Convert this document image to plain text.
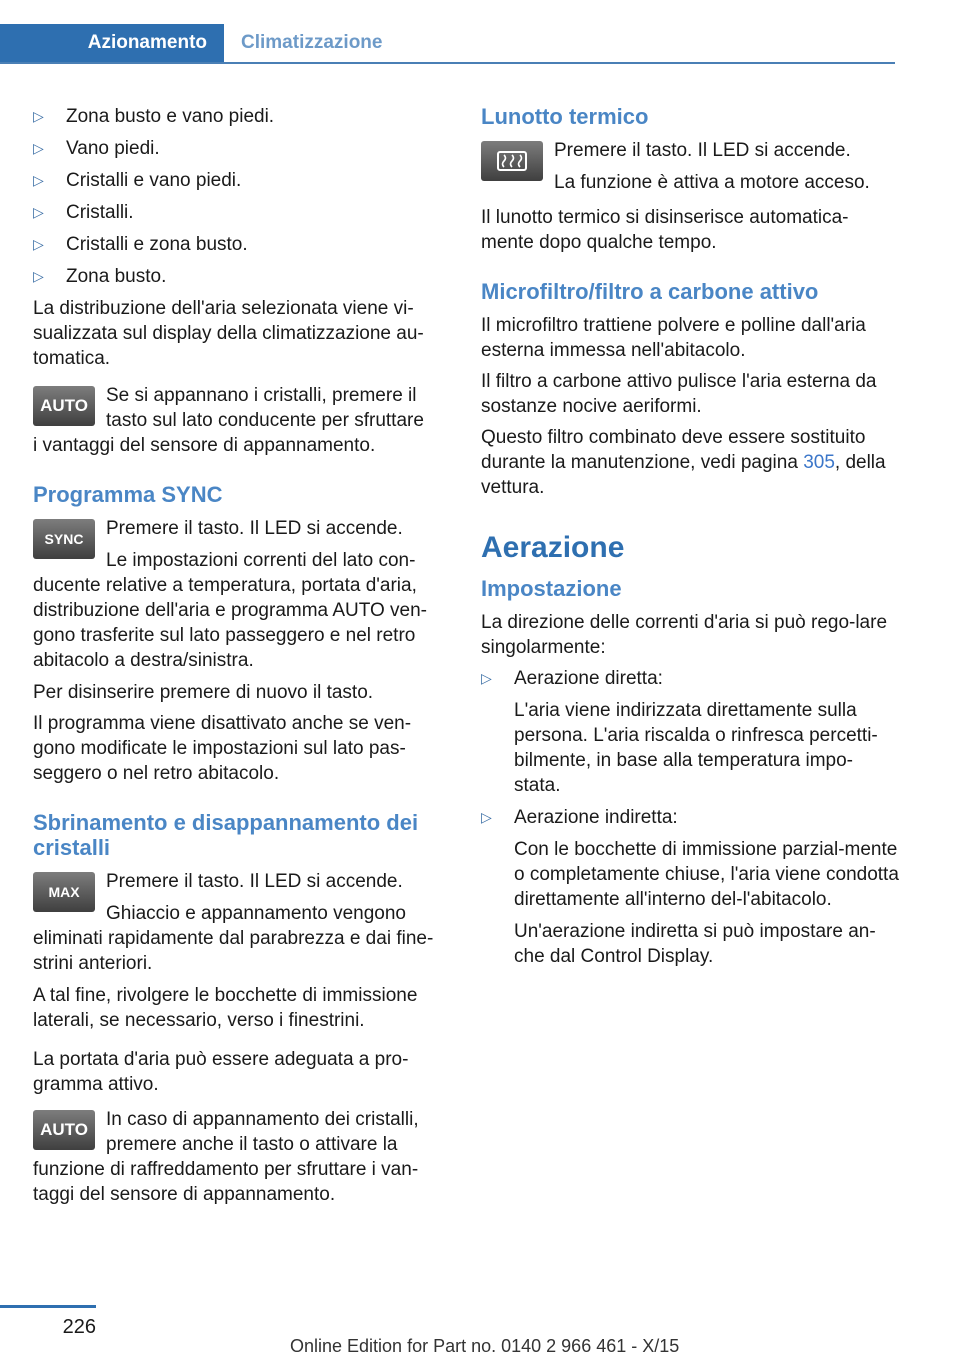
Azionamento	Climatizzazione
▷ Zona busto e vano piedi.
▷ Vano piedi.
▷ Cristalli e vano piedi.
▷ Cristalli.
▷ Cristalli e zona busto.
▷ Zona busto.

La distribuzione dell'aria selezionata viene vi-sualizzata sul display della climatizzazione au-tomatica.

AUTO Se si appannano i cristalli, premere il
tasto sul lato conducente per sfruttare
i vantaggi del sensore di appannamento.
Programma SYNC
SYNC	Premere il tasto. Il LED si accende.
Le impostazioni correnti del lato con-
ducente relative a temperatura, portata d'aria, distribuzione dell'aria e programma AUTO ven-gono trasferite sul lato passeggero e nel retro abitacolo a destra/sinistra.

Per disinserire premere di nuovo il tasto.

Il programma viene disattivato anche se ven-gono modificate le impostazioni sul lato pas-seggero o nel retro abitacolo.

Sbrinamento e disappannamento dei cristalli
MAX	Premere il tasto. Il LED si accende.
Ghiaccio e appannamento vengono
eliminati rapidamente dal parabrezza e dai fine-strini anteriori.

A tal fine, rivolgere le bocchette di immissione laterali, se necessario, verso i finestrini.

La portata d'aria può essere adeguata a pro-gramma attivo.

AUTO In caso di appannamento dei cristalli,
premere anche il tasto o attivare la
funzione di raffreddamento per sfruttare i van-taggi del sensore di appannamento.
Lunotto termico
Premere il tasto. Il LED si accende.
La funzione è attiva a motore acceso.

Il lunotto termico si disinserisce automatica-mente dopo qualche tempo.

Microfiltro/filtro a carbone attivo

Il microfiltro trattiene polvere e polline dall'aria esterna immessa nell'abitacolo.

Il filtro a carbone attivo pulisce l'aria esterna da sostanze nocive aeriformi.

Questo filtro combinato deve essere sostituito durante la manutenzione, vedi pagina 305, della vettura.

Aerazione
Impostazione

La direzione delle correnti d'aria si può rego-lare singolarmente:

▷ Aerazione diretta:
L'aria viene indirizzata direttamente sulla persona. L'aria riscalda o rinfresca percetti-bilmente, in base alla temperatura impo-stata.
▷ Aerazione indiretta:
Con le bocchette di immissione parzial-mente o completamente chiuse, l'aria viene condotta direttamente all'interno del-l'abitacolo.
Un'aerazione indiretta si può impostare an-che dal Control Display.
226
Online Edition for Part no. 0140 2 966 461 - X/15
